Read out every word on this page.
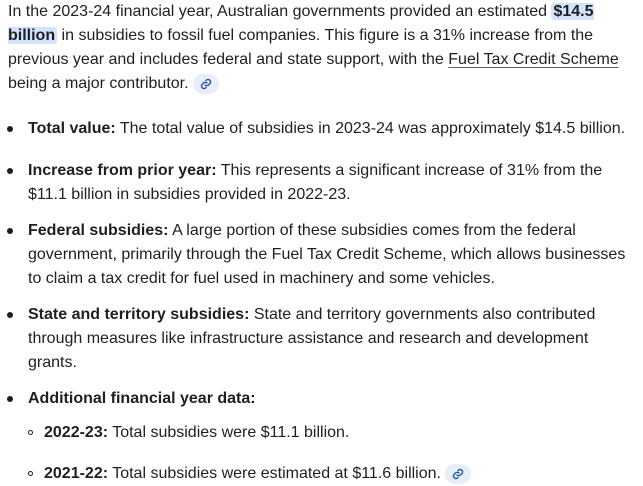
In the 2023-24 financial year, Australian governments provided an estimated $14.5 billion in subsidies to fossil fuel companies. This figure is a 31% increase from the previous year and includes federal and state support, with the Fuel Tax Credit Scheme being a major contributor.

Total value: The total value of subsidies in 2023-24 was approximately $14.5 billion.
Increase from prior year: This represents a significant increase of 31% from the $11.1 billion in subsidies provided in 2022-23.
Federal subsidies: A large portion of these subsidies comes from the federal government, primarily through the Fuel Tax Credit Scheme, which allows businesses to claim a tax credit for fuel used in machinery and some vehicles.
State and territory subsidies: State and territory governments also contributed through measures like infrastructure assistance and research and development grants.
Additional financial year data:
2022-23: Total subsidies were $11.1 billion.
2021-22: Total subsidies were estimated at $11.6 billion.
